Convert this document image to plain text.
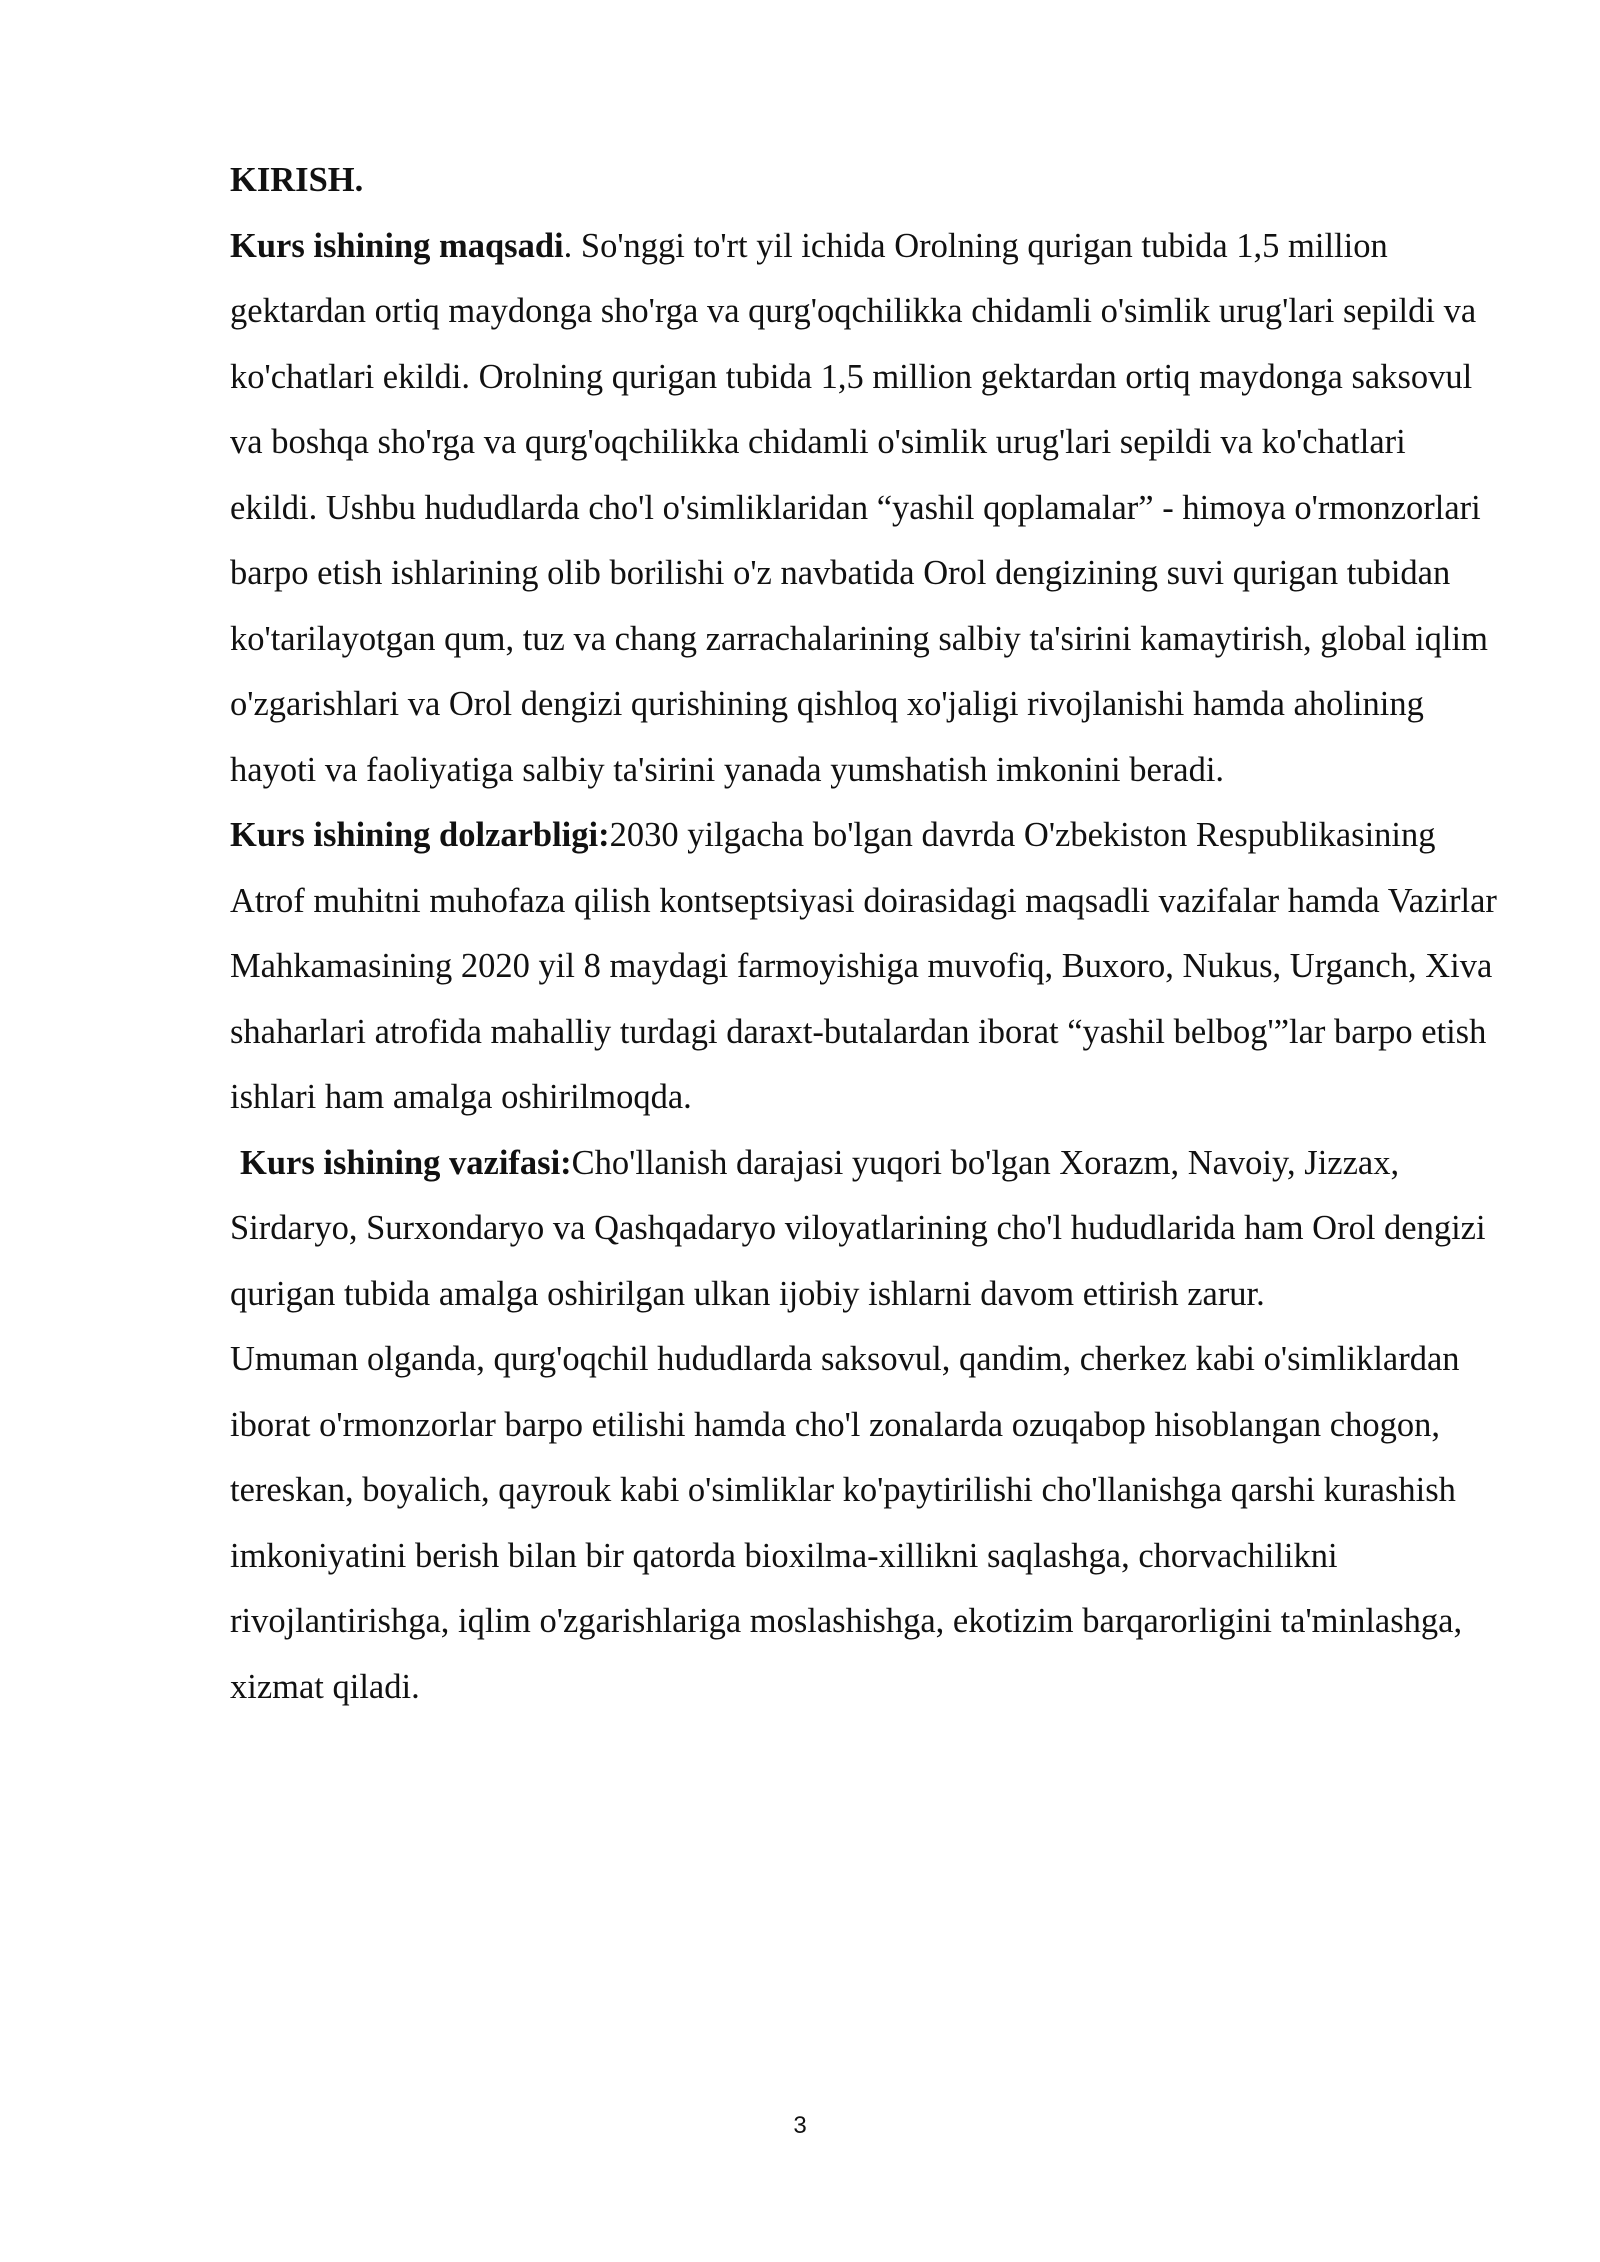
KIRISH.

Kurs ishining maqsadi. So'nggi to'rt yil ichida Orolning qurigan tubida 1,5 million gektardan ortiq maydonga sho'rga va qurg'oqchilikka chidamli o'simlik urug'lari sepildi va ko'chatlari ekildi. Orolning qurigan tubida 1,5 million gektardan ortiq maydonga saksovul va boshqa sho'rga va qurg'oqchilikka chidamli o'simlik urug'lari sepildi va ko'chatlari ekildi. Ushbu hududlarda cho'l o'simliklaridan “yashil qoplamalar” - himoya o'rmonzorlari barpo etish ishlarining olib borilishi o'z navbatida Orol dengizining suvi qurigan tubidan ko'tarilayotgan qum, tuz va chang zarrachalarining salbiy ta'sirini kamaytirish, global iqlim o'zgarishlari va Orol dengizi qurishining qishloq xo'jaligi rivojlanishi hamda aholining hayoti va faoliyatiga salbiy ta'sirini yanada yumshatish imkonini beradi.

Kurs ishining dolzarbligi:2030 yilgacha bo'lgan davrda O'zbekiston Respublikasining Atrof muhitni muhofaza qilish kontseptsiyasi doirasidagi maqsadli vazifalar hamda Vazirlar Mahkamasining 2020 yil 8 maydagi farmoyishiga muvofiq, Buxoro, Nukus, Urganch, Xiva shaharlari atrofida mahalliy turdagi daraxt-butalardan iborat “yashil belbog'”lar barpo etish ishlari ham amalga oshirilmoqda.

Kurs ishining vazifasi:Cho'llanish darajasi yuqori bo'lgan Xorazm, Navoiy, Jizzax, Sirdaryo, Surxondaryo va Qashqadaryo viloyatlarining cho'l hududlarida ham Orol dengizi qurigan tubida amalga oshirilgan ulkan ijobiy ishlarni davom ettirish zarur.

Umuman olganda, qurg'oqchil hududlarda saksovul, qandim, cherkez kabi o'simliklardan iborat o'rmonzorlar barpo etilishi hamda cho'l zonalarda ozuqabop hisoblangan chogon, tereskan, boyalich, qayrouk kabi o'simliklar ko'paytirilishi cho'llanishga qarshi kurashish imkoniyatini berish bilan bir qatorda bioxilma-xillikni saqlashga, chorvachilikni rivojlantirishga, iqlim o'zgarishlariga moslashishga, ekotizim barqarorligini ta'minlashga, xizmat qiladi.

3
